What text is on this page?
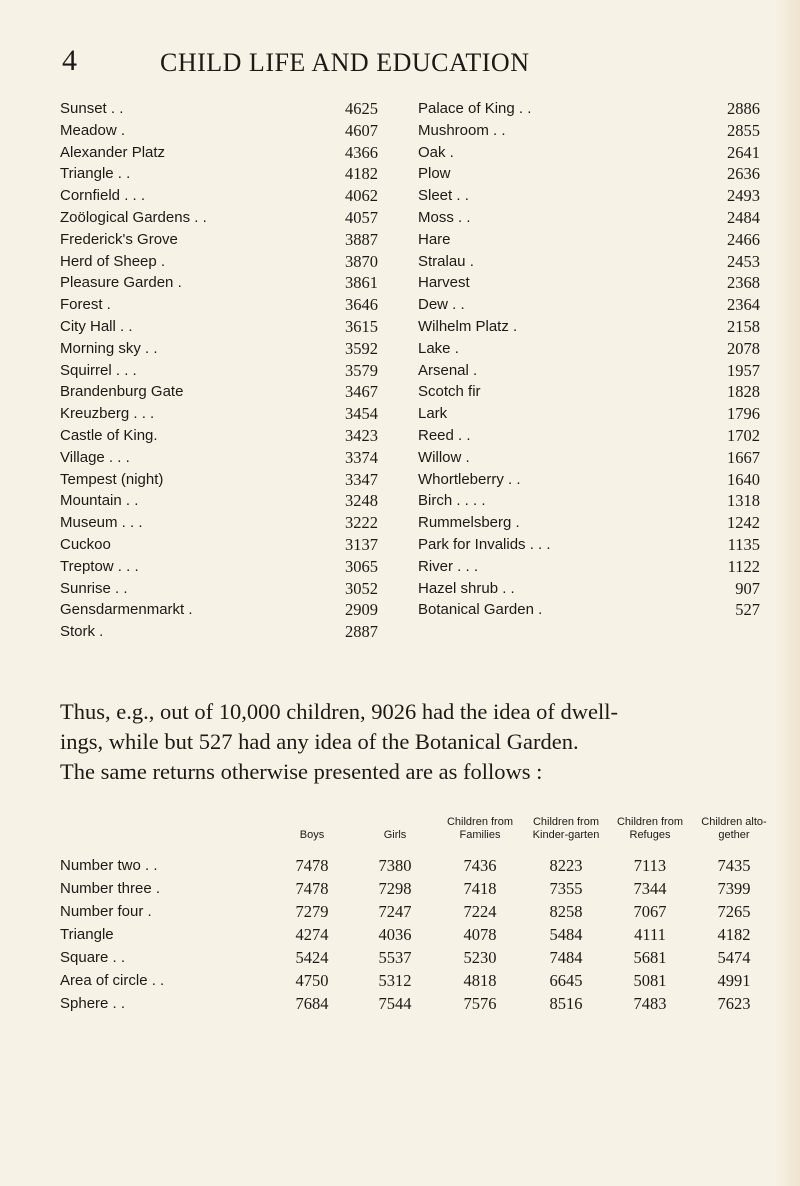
4	CHILD LIFE AND EDUCATION
Sunset . .	4625
Meadow .	4607
Alexander Platz	4366
Triangle . .	4182
Cornfield . . .	4062
Zoölogical Gardens . .	4057
Frederick's Grove	3887
Herd of Sheep .	3870
Pleasure Garden .	3861
Forest .	3646
City Hall . .	3615
Morning sky . .	3592
Squirrel . . .	3579
Brandenburg Gate	3467
Kreuzberg . . .	3454
Castle of King.	3423
Village . . .	3374
Tempest (night)	3347
Mountain . .	3248
Museum . . .	3222
Cuckoo	3137
Treptow . . .	3065
Sunrise . .	3052
Gensdarmenmarkt .	2909
Stork .	2887
Palace of King . .	2886
Mushroom . .	2855
Oak .	2641
Plow	2636
Sleet . .	2493
Moss . .	2484
Hare	2466
Stralau .	2453
Harvest	2368
Dew . .	2364
Wilhelm Platz .	2158
Lake .	2078
Arsenal .	1957
Scotch fir	1828
Lark	1796
Reed . .	1702
Willow .	1667
Whortleberry . .	1640
Birch . . . .	1318
Rummelsberg .	1242
Park for Invalids . . .	1135
River . . .	1122
Hazel shrub . .	907
Botanical Garden .	527

Thus, e.g., out of 10,000 children, 9026 had the idea of dwell-

ings, while but 527 had any idea of the Botanical Garden.

The same returns otherwise presented are as follows :

	Boys	Girls	Children from Families	Children from Kinder-garten	Children from Refuges	Children alto-gether
Number two . .	7478	7380	7436	8223	7113	7435
Number three .	7478	7298	7418	7355	7344	7399
Number four .	7279	7247	7224	8258	7067	7265
Triangle	4274	4036	4078	5484	4111	4182
Square . .	5424	5537	5230	7484	5681	5474
Area of circle . .	4750	5312	4818	6645	5081	4991
Sphere . .	7684	7544	7576	8516	7483	7623
